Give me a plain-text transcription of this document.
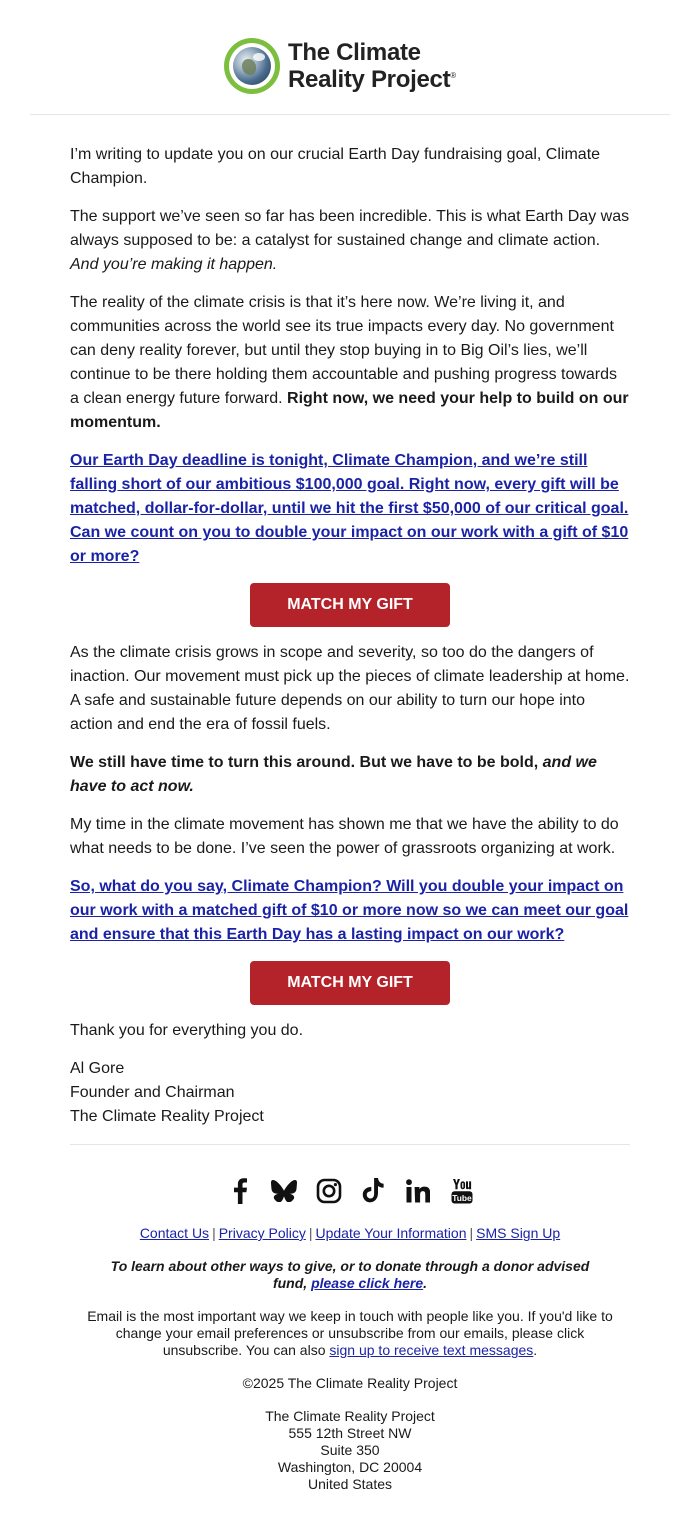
The Climate
Reality Project®

I’m writing to update you on our crucial Earth Day fundraising goal, Climate Champion.

The support we’ve seen so far has been incredible. This is what Earth Day was always supposed to be: a catalyst for sustained change and climate action. And you’re making it happen.

The reality of the climate crisis is that it’s here now. We’re living it, and communities across the world see its true impacts every day. No government can deny reality forever, but until they stop buying in to Big Oil’s lies, we’ll continue to be there holding them accountable and pushing progress towards a clean energy future forward. Right now, we need your help to build on our momentum.

Our Earth Day deadline is tonight, Climate Champion, and we’re still falling short of our ambitious $100,000 goal. Right now, every gift will be matched, dollar-for-dollar, until we hit the first $50,000 of our critical goal. Can we count on you to double your impact on our work with a gift of $10 or more?

MATCH MY GIFT

As the climate crisis grows in scope and severity, so too do the dangers of inaction. Our movement must pick up the pieces of climate leadership at home. A safe and sustainable future depends on our ability to turn our hope into action and end the era of fossil fuels.

We still have time to turn this around. But we have to be bold, and we have to act now.

My time in the climate movement has shown me that we have the ability to do what needs to be done. I’ve seen the power of grassroots organizing at work.

So, what do you say, Climate Champion? Will you double your impact on our work with a matched gift of $10 or more now so we can meet our goal and ensure that this Earth Day has a lasting impact on our work?

MATCH MY GIFT

Thank you for everything you do.

Al Gore

Founder and Chairman

The Climate Reality Project

Tube
Contact Us | Privacy Policy | Update Your Information | SMS Sign Up
To learn about other ways to give, or to donate through a donor advised fund, please click here.
Email is the most important way we keep in touch with people like you. If you'd like to change your email preferences or unsubscribe from our emails, please click unsubscribe. You can also sign up to receive text messages.
©2025 The Climate Reality Project
The Climate Reality Project
555 12th Street NW
Suite 350
Washington, DC 20004
United States
